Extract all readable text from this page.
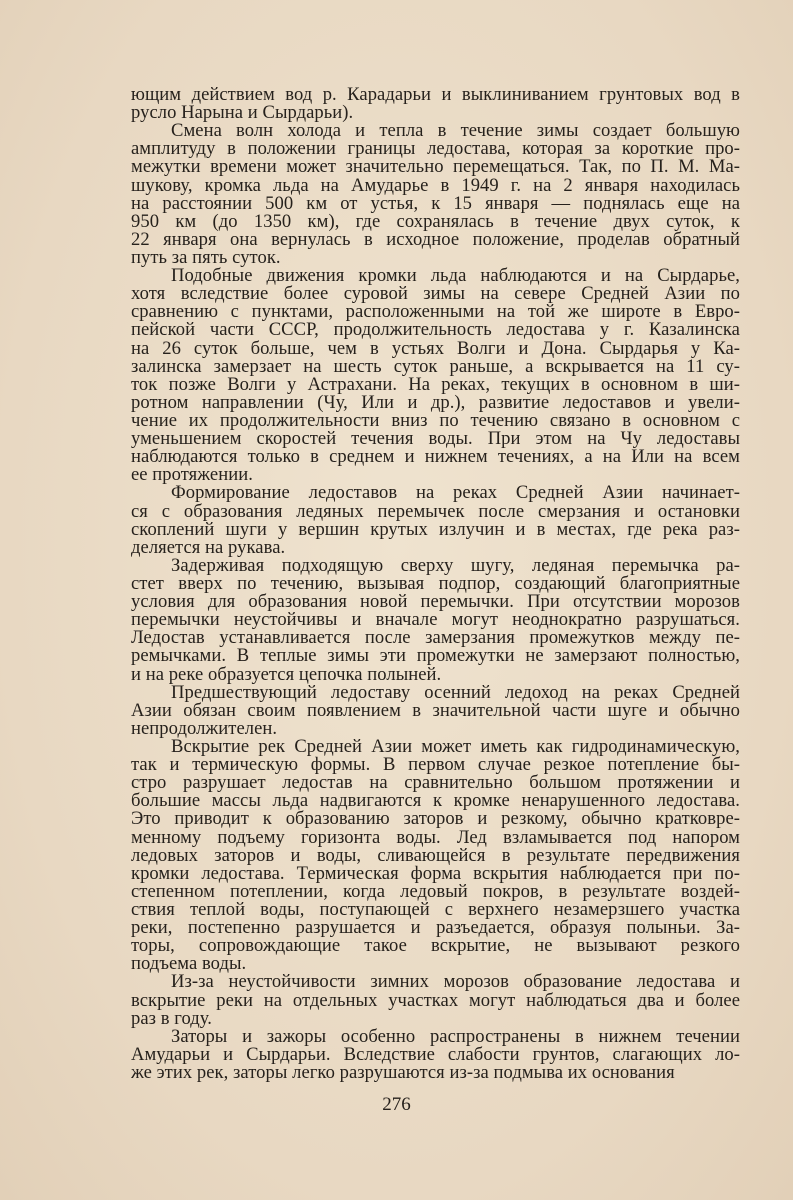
ющим действием вод р. Карадарьи и выклиниванием грунтовых вод в
русло Нарына и Сырдарьи).
Смена волн холода и тепла в течение зимы создает большую
амплитуду в положении границы ледостава, которая за короткие про-
межутки времени может значительно перемещаться. Так, по П. М. Ма-
шукову, кромка льда на Амударье в 1949 г. на 2 января находилась
на расстоянии 500 км от устья, к 15 января — поднялась еще на
950 км (до 1350 км), где сохранялась в течение двух суток, к
22 января она вернулась в исходное положение, проделав обратный
путь за пять суток.
Подобные движения кромки льда наблюдаются и на Сырдарье,
хотя вследствие более суровой зимы на севере Средней Азии по
сравнению с пунктами, расположенными на той же широте в Евро-
пейской части СССР, продолжительность ледостава у г. Казалинска
на 26 суток больше, чем в устьях Волги и Дона. Сырдарья у Ка-
залинска замерзает на шесть суток раньше, а вскрывается на 11 су-
ток позже Волги у Астрахани. На реках, текущих в основном в ши-
ротном направлении (Чу, Или и др.), развитие ледоставов и увели-
чение их продолжительности вниз по течению связано в основном с
уменьшением скоростей течения воды. При этом на Чу ледоставы
наблюдаются только в среднем и нижнем течениях, а на Или на всем
ее протяжении.
Формирование ледоставов на реках Средней Азии начинает-
ся с образования ледяных перемычек после смерзания и остановки
скоплений шуги у вершин крутых излучин и в местах, где река раз-
деляется на рукава.
Задерживая подходящую сверху шугу, ледяная перемычка ра-
стет вверх по течению, вызывая подпор, создающий благоприятные
условия для образования новой перемычки. При отсутствии морозов
перемычки неустойчивы и вначале могут неоднократно разрушаться.
Ледостав устанавливается после замерзания промежутков между пе-
ремычками. В теплые зимы эти промежутки не замерзают полностью,
и на реке образуется цепочка полыней.
Предшествующий ледоставу осенний ледоход на реках Средней
Азии обязан своим появлением в значительной части шуге и обычно
непродолжителен.
Вскрытие рек Средней Азии может иметь как гидродинамическую,
так и термическую формы. В первом случае резкое потепление бы-
стро разрушает ледостав на сравнительно большом протяжении и
большие массы льда надвигаются к кромке ненарушенного ледостава.
Это приводит к образованию заторов и резкому, обычно кратковре-
менному подъему горизонта воды. Лед взламывается под напором
ледовых заторов и воды, сливающейся в результате передвижения
кромки ледостава. Термическая форма вскрытия наблюдается при по-
степенном потеплении, когда ледовый покров, в результате воздей-
ствия теплой воды, поступающей с верхнего незамерзшего участка
реки, постепенно разрушается и разъедается, образуя полыньи. За-
торы, сопровождающие такое вскрытие, не вызывают резкого
подъема воды.
Из-за неустойчивости зимних морозов образование ледостава и
вскрытие реки на отдельных участках могут наблюдаться два и более
раз в году.
Заторы и зажоры особенно распространены в нижнем течении
Амударьи и Сырдарьи. Вследствие слабости грунтов, слагающих ло-
же этих рек, заторы легко разрушаются из-за подмыва их основания
276
